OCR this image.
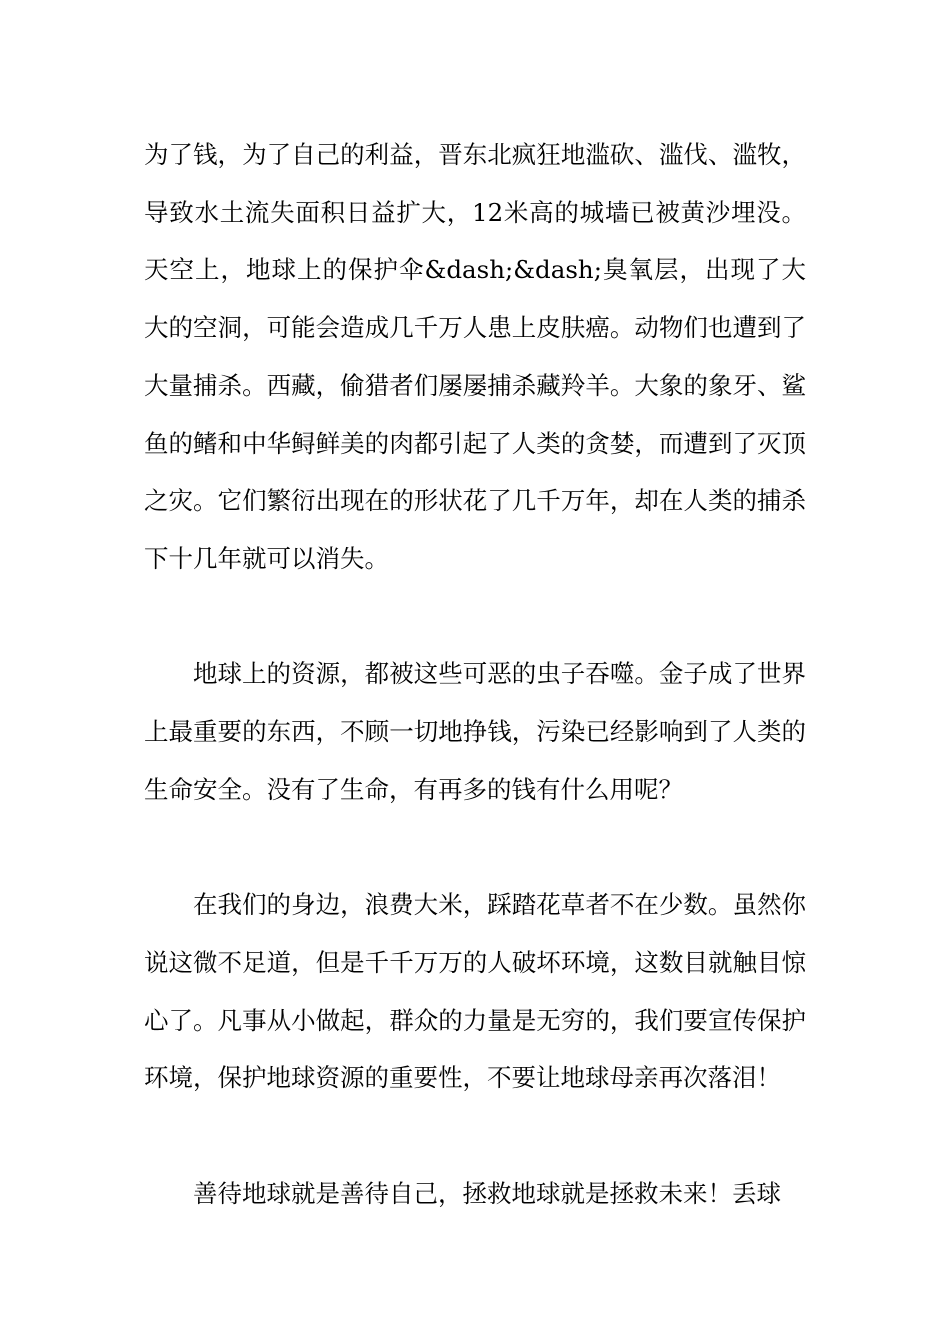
为了钱，为了自己的利益，晋东北疯狂地滥砍、滥伐、滥牧，导致水土流失面积日益扩大，12米高的城墙已被黄沙埋没。天空上，地球上的保护伞&dash;&dash;臭氧层，出现了大大的空洞，可能会造成几千万人患上皮肤癌。动物们也遭到了大量捕杀。西藏，偷猎者们屡屡捕杀藏羚羊。大象的象牙、鲨鱼的鳍和中华鲟鲜美的肉都引起了人类的贪婪，而遭到了灭顶之灾。它们繁衍出现在的形状花了几千万年，却在人类的捕杀下十几年就可以消失。

地球上的资源，都被这些可恶的虫子吞噬。金子成了世界上最重要的东西，不顾一切地挣钱，污染已经影响到了人类的生命安全。没有了生命，有再多的钱有什么用呢？

在我们的身边，浪费大米，踩踏花草者不在少数。虽然你说这微不足道，但是千千万万的人破坏环境，这数目就触目惊心了。凡事从小做起，群众的力量是无穷的，我们要宣传保护环境，保护地球资源的重要性，不要让地球母亲再次落泪！

善待地球就是善待自己，拯救地球就是拯救未来！丢球
